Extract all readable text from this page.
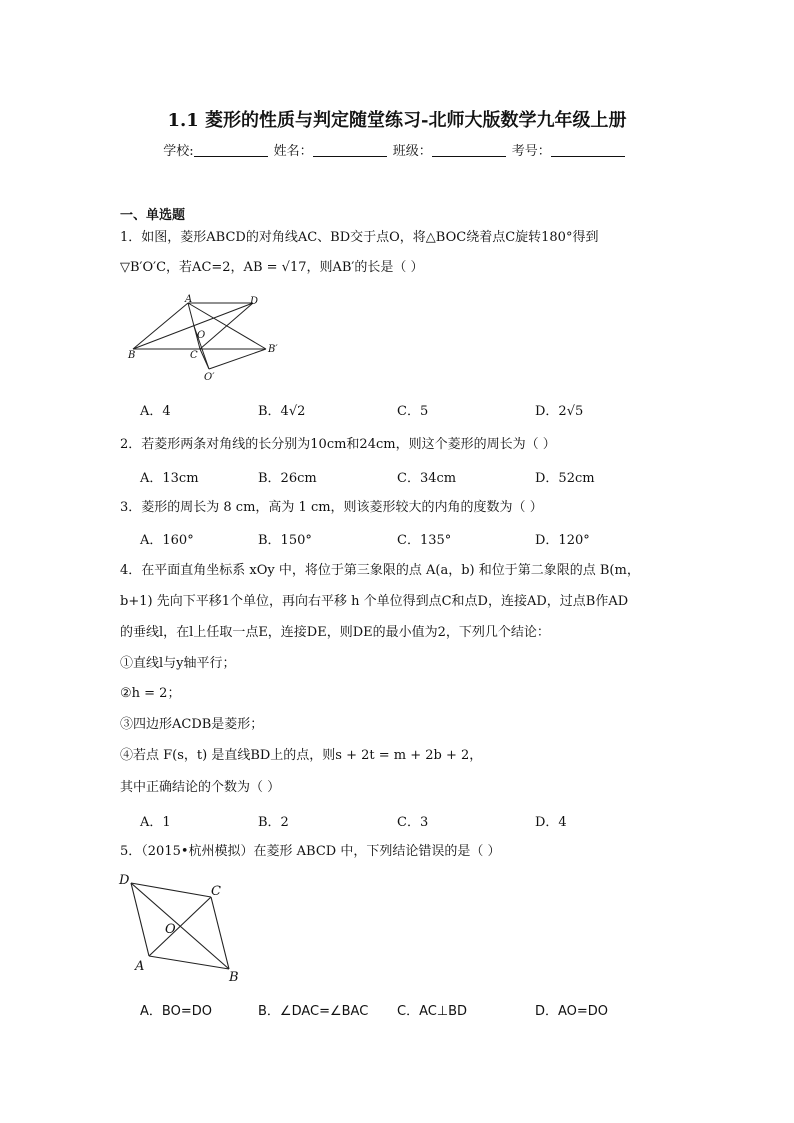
1.1 菱形的性质与判定随堂练习-北师大版数学九年级上册
学校:	姓名：	班级：	考号：
一、单选题
1．如图，菱形ABCD的对角线AC、BD交于点O，将△BOC绕着点C旋转180°得到
▽B′O′C，若AC=2，AB = √17，则AB′的长是（ ）
A	D
O
B	C
B′
O′
A．4	B．4√2	C．5	D．2√5
2．若菱形两条对角线的长分别为10cm和24cm，则这个菱形的周长为（ ）
A．13cm	B．26cm	C．34cm	D．52cm
3．菱形的周长为 8 cm，高为 1 cm，则该菱形较大的内角的度数为（ ）
A．160°	B．150°	C．135°	D．120°
4．在平面直角坐标系 xOy 中，将位于第三象限的点 A(a，b) 和位于第二象限的点 B(m，
b+1) 先向下平移1个单位，再向右平移 h 个单位得到点C和点D，连接AD，过点B作AD
的垂线l，在l上任取一点E，连接DE，则DE的最小值为2，下列几个结论：
①直线l与y轴平行；
②h = 2；
③四边形ACDB是菱形；
④若点 F(s，t) 是直线BD上的点，则s + 2t = m + 2b + 2，
其中正确结论的个数为（ ）
A．1	B．2	C．3	D．4
5．（2015•杭州模拟）在菱形 ABCD 中，下列结论错误的是（ ）
D
C
O
A
B
A．BO=DO	B．∠DAC=∠BAC C．AC⊥BD	D．AO=DO
